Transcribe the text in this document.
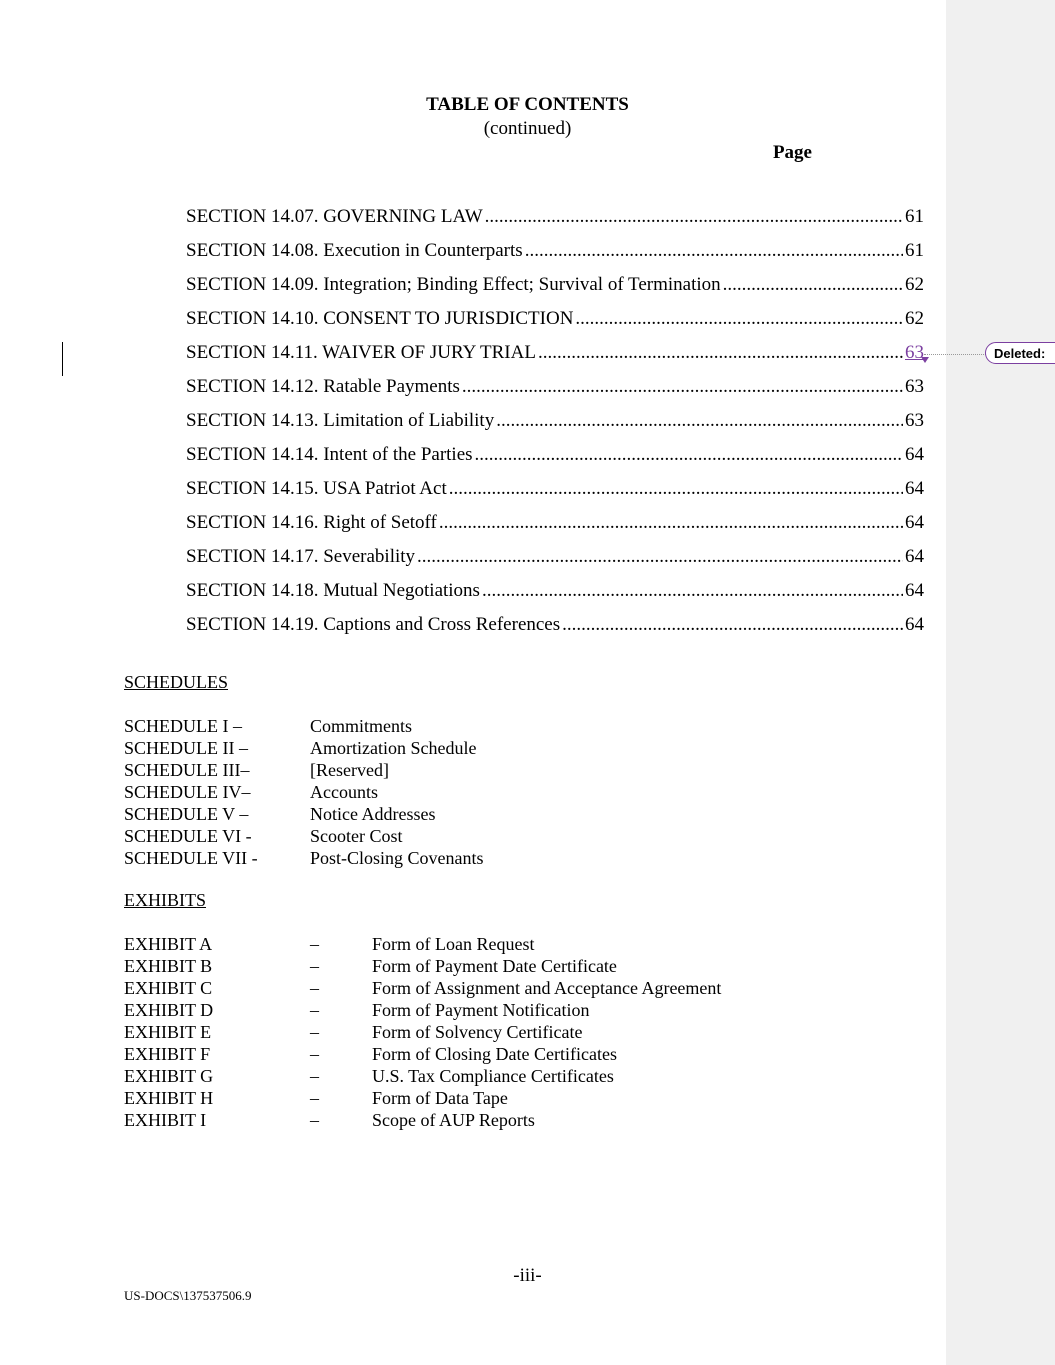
TABLE OF CONTENTS
(continued)
Page
SECTION 14.07. GOVERNING LAW .....	61
SECTION 14.08. Execution in Counterparts .....	61
SECTION 14.09. Integration; Binding Effect; Survival of Termination .....	62
SECTION 14.10. CONSENT TO JURISDICTION .....	62
SECTION 14.11. WAIVER OF JURY TRIAL .....	63
SECTION 14.12. Ratable Payments .....	63
SECTION 14.13. Limitation of Liability .....	63
SECTION 14.14. Intent of the Parties .....	64
SECTION 14.15. USA Patriot Act .....	64
SECTION 14.16. Right of Setoff .....	64
SECTION 14.17. Severability .....	64
SECTION 14.18. Mutual Negotiations .....	64
SECTION 14.19. Captions and Cross References .....	64
SCHEDULES
SCHEDULE I –	Commitments
SCHEDULE II –	Amortization Schedule
SCHEDULE III–	[Reserved]
SCHEDULE IV–	Accounts
SCHEDULE V –	Notice Addresses
SCHEDULE VI -	Scooter Cost
SCHEDULE VII -	Post-Closing Covenants
EXHIBITS
EXHIBIT A	–	Form of Loan Request
EXHIBIT B	–	Form of Payment Date Certificate
EXHIBIT C	–	Form of Assignment and Acceptance Agreement
EXHIBIT D	–	Form of Payment Notification
EXHIBIT E	–	Form of Solvency Certificate
EXHIBIT F	–	Form of Closing Date Certificates
EXHIBIT G	–	U.S. Tax Compliance Certificates
EXHIBIT H	–	Form of Data Tape
EXHIBIT I	–	Scope of AUP Reports
-iii-
US-DOCS\137537506.9
Deleted:
